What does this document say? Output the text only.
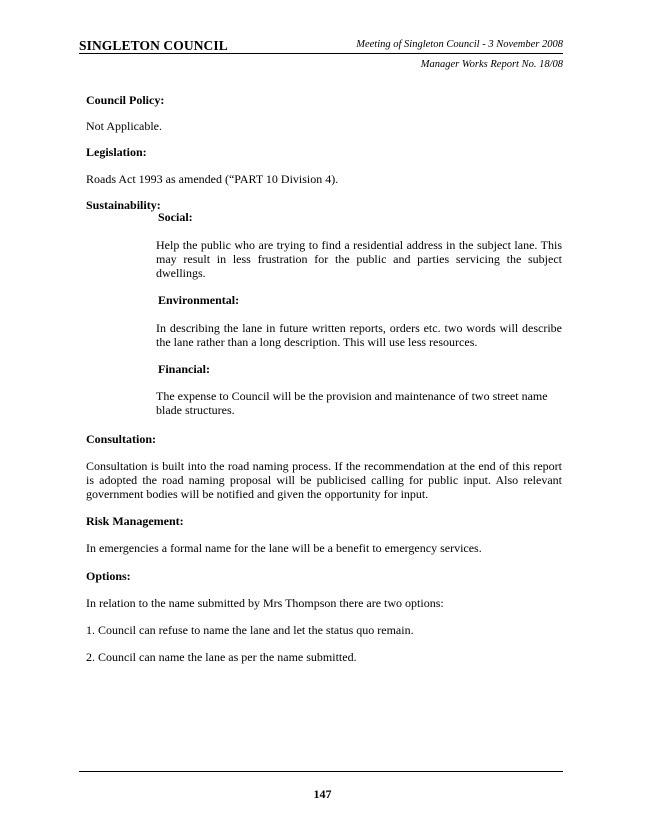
SINGLETON COUNCIL	Meeting of Singleton Council - 3 November 2008
Manager Works Report No. 18/08
Council Policy:
Not Applicable.
Legislation:
Roads Act 1993 as amended (“PART 10 Division 4).
Sustainability:
Social:
Help the public who are trying to find a residential address in the subject lane. This may result in less frustration for the public and parties servicing the subject dwellings.
Environmental:
In describing the lane in future written reports, orders etc. two words will describe the lane rather than a long description. This will use less resources.
Financial:
The expense to Council will be the provision and maintenance of two street name blade structures.
Consultation:
Consultation is built into the road naming process. If the recommendation at the end of this report is adopted the road naming proposal will be publicised calling for public input. Also relevant government bodies will be notified and given the opportunity for input.
Risk Management:
In emergencies a formal name for the lane will be a benefit to emergency services.
Options:
In relation to the name submitted by Mrs Thompson there are two options:
1. Council can refuse to name the lane and let the status quo remain.
2. Council can name the lane as per the name submitted.
147
